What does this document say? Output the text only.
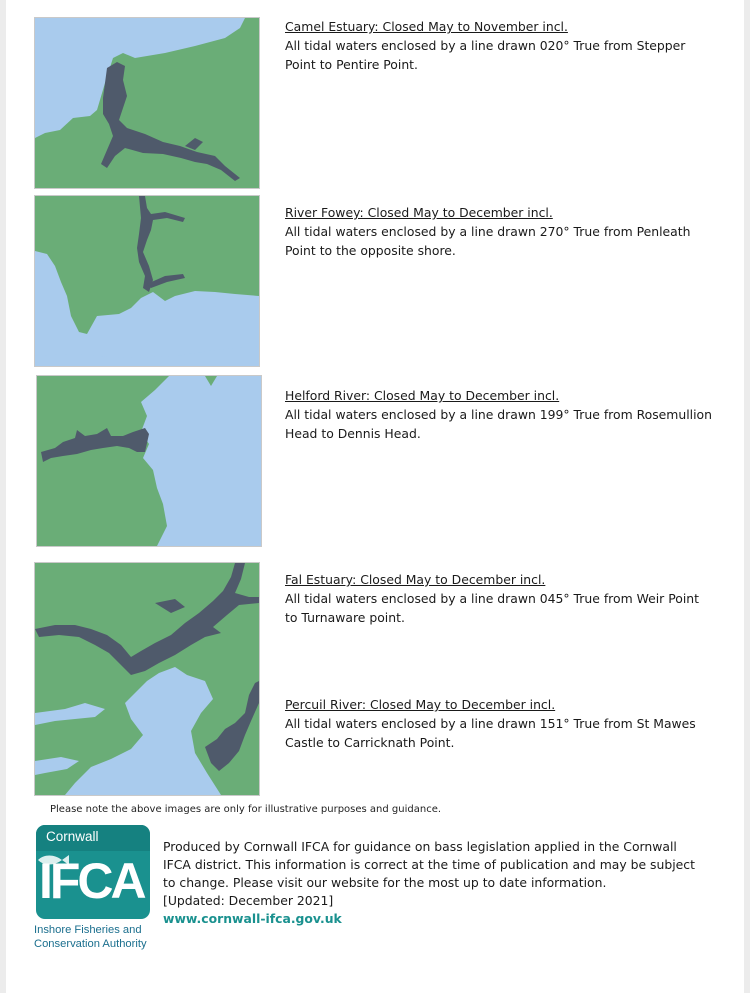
Camel Estuary: Closed May to November incl.
All tidal waters enclosed by a line drawn 020° True from Stepper Point to Pentire Point.
River Fowey: Closed May to December incl.
All tidal waters enclosed by a line drawn 270° True from Penleath Point to the opposite shore.
Helford River: Closed May to December incl.
All tidal waters enclosed by a line drawn 199° True from Rosemullion Head to Dennis Head.
Fal Estuary: Closed May to December incl.
All tidal waters enclosed by a line drawn 045° True from Weir Point to Turnaware point.
Percuil River: Closed May to December incl.
All tidal waters enclosed by a line drawn 151° True from St Mawes Castle to Carricknath Point.
Please note the above images are only for illustrative purposes and guidance.
Cornwall
IFCA
Inshore Fisheries and
Conservation Authority
Produced by Cornwall IFCA for guidance on bass legislation applied in the Cornwall
IFCA district. This information is correct at the time of publication and may be subject
to change. Please visit our website for the most up to date information.
[Updated: December 2021]
www.cornwall-ifca.gov.uk
